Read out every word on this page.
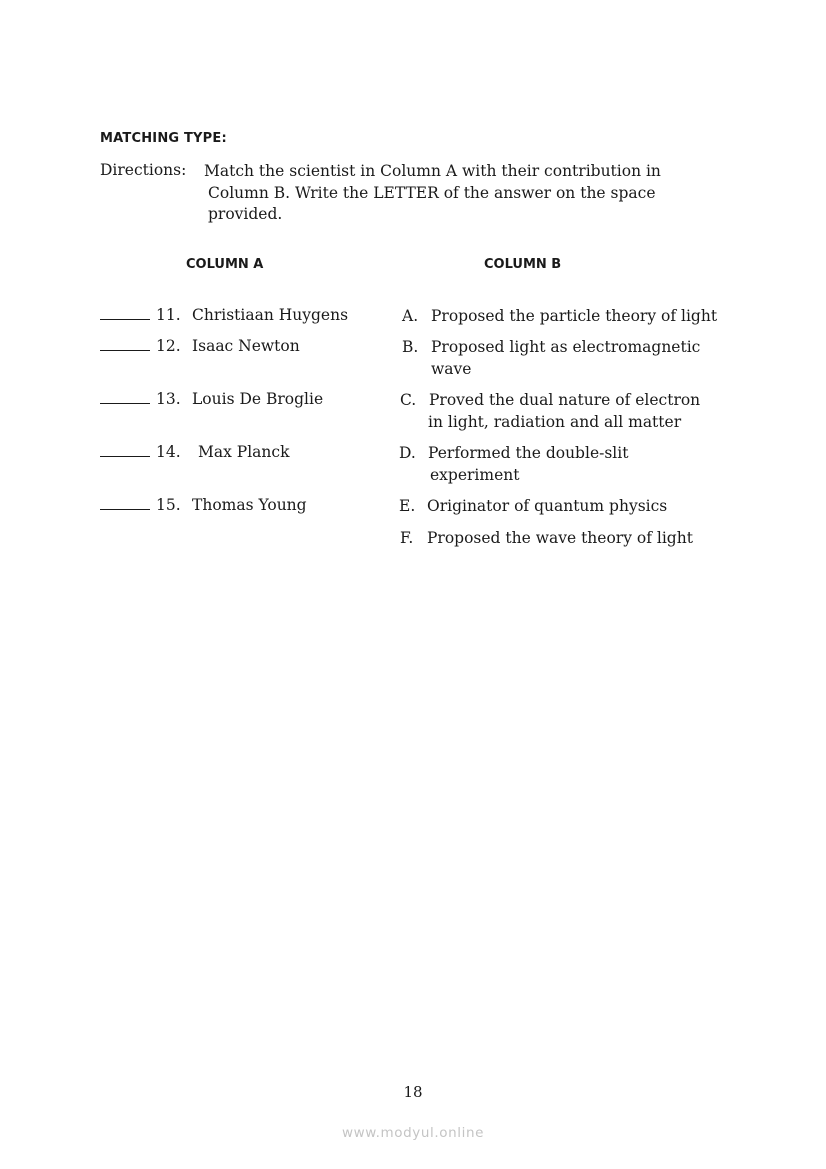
MATCHING TYPE:
Directions: Match the scientist in Column A with their contribution in
Column B. Write the LETTER of the answer on the space
provided.
COLUMN A	COLUMN B
11. Christiaan Huygens
12. Isaac Newton
13. Louis De Broglie
14. Max Planck
15. Thomas Young
A. Proposed the particle theory of light
B. Proposed light as electromagnetic
wave
C. Proved the dual nature of electron
in light, radiation and all matter
D. Performed the double-slit
experiment
E. Originator of quantum physics
F. Proposed the wave theory of light
18
www.modyul.online
